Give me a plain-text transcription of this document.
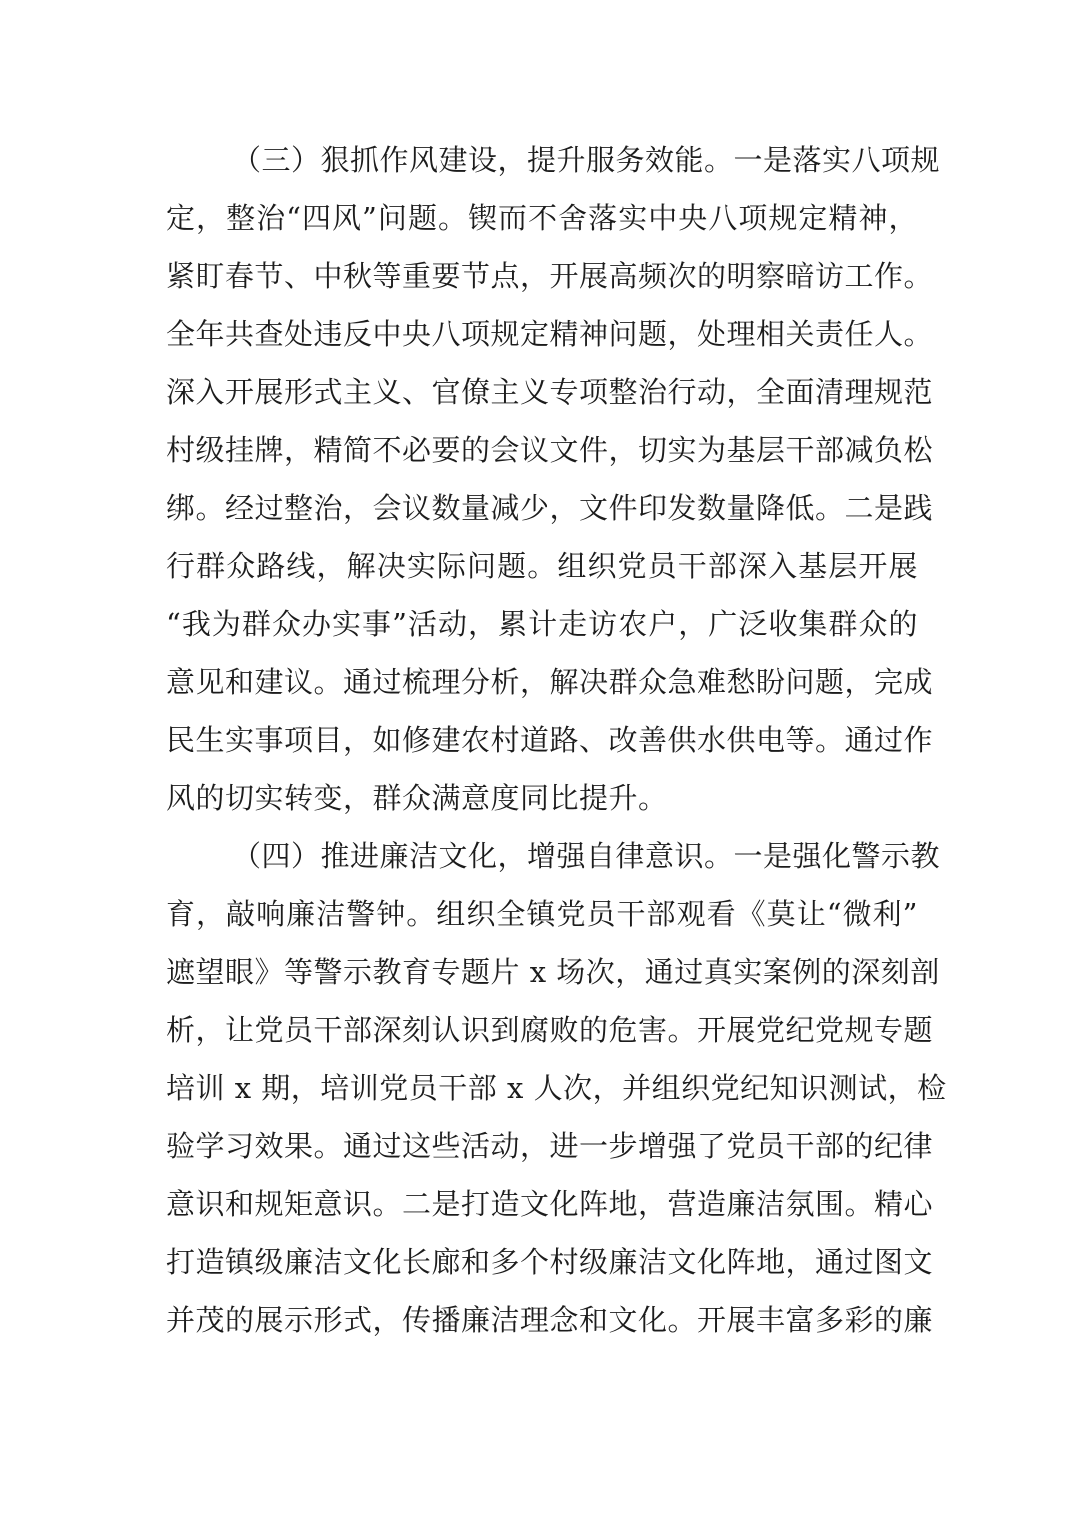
（三）狠抓作风建设，提升服务效能。一是落实八项规
定，整治“四风”问题。锲而不舍落实中央八项规定精神，
紧盯春节、中秋等重要节点，开展高频次的明察暗访工作。
全年共查处违反中央八项规定精神问题，处理相关责任人。
深入开展形式主义、官僚主义专项整治行动，全面清理规范
村级挂牌，精简不必要的会议文件，切实为基层干部减负松
绑。经过整治，会议数量减少，文件印发数量降低。二是践
行群众路线，解决实际问题。组织党员干部深入基层开展
“我为群众办实事”活动，累计走访农户，广泛收集群众的
意见和建议。通过梳理分析，解决群众急难愁盼问题，完成
民生实事项目，如修建农村道路、改善供水供电等。通过作
风的切实转变，群众满意度同比提升。
（四）推进廉洁文化，增强自律意识。一是强化警示教
育，敲响廉洁警钟。组织全镇党员干部观看《莫让“微利”
遮望眼》等警示教育专题片 x 场次，通过真实案例的深刻剖
析，让党员干部深刻认识到腐败的危害。开展党纪党规专题
培训 x 期，培训党员干部 x 人次，并组织党纪知识测试，检
验学习效果。通过这些活动，进一步增强了党员干部的纪律
意识和规矩意识。二是打造文化阵地，营造廉洁氛围。精心
打造镇级廉洁文化长廊和多个村级廉洁文化阵地，通过图文
并茂的展示形式，传播廉洁理念和文化。开展丰富多彩的廉
